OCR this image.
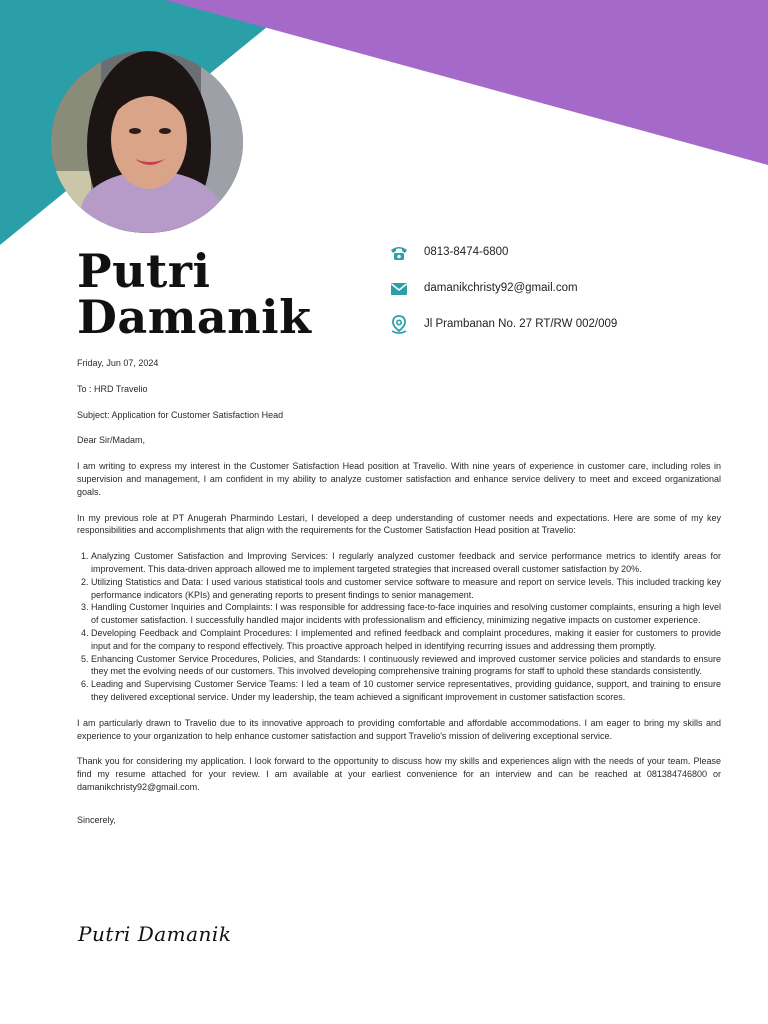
Putri
Damanik
0813-8474-6800
damanikchristy92@gmail.com
Jl Prambanan No. 27 RT/RW 002/009

Friday, Jun 07, 2024

To : HRD Travelio

Subject: Application for Customer Satisfaction Head

Dear Sir/Madam,

I am writing to express my interest in the Customer Satisfaction Head position at Travelio. With nine years of experience in customer care, including roles in supervision and management, I am confident in my ability to analyze customer satisfaction and enhance service delivery to meet and exceed organizational goals.

In my previous role at PT Anugerah Pharmindo Lestari, I developed a deep understanding of customer needs and expectations. Here are some of my key responsibilities and accomplishments that align with the requirements for the Customer Satisfaction Head position at Travelio:

1. Analyzing Customer Satisfaction and Improving Services: I regularly analyzed customer feedback and service performance metrics to identify areas for improvement. This data-driven approach allowed me to implement targeted strategies that increased overall customer satisfaction by 20%.
2. Utilizing Statistics and Data: I used various statistical tools and customer service software to measure and report on service levels. This included tracking key performance indicators (KPIs) and generating reports to present findings to senior management.
3. Handling Customer Inquiries and Complaints: I was responsible for addressing face-to-face inquiries and resolving customer complaints, ensuring a high level of customer satisfaction. I successfully handled major incidents with professionalism and efficiency, minimizing negative impacts on customer experience.
4. Developing Feedback and Complaint Procedures: I implemented and refined feedback and complaint procedures, making it easier for customers to provide input and for the company to respond effectively. This proactive approach helped in identifying recurring issues and addressing them promptly.
5. Enhancing Customer Service Procedures, Policies, and Standards: I continuously reviewed and improved customer service policies and standards to ensure they met the evolving needs of our customers. This involved developing comprehensive training programs for staff to uphold these standards consistently.
6. Leading and Supervising Customer Service Teams: I led a team of 10 customer service representatives, providing guidance, support, and training to ensure they delivered exceptional service. Under my leadership, the team achieved a significant improvement in customer satisfaction scores.

I am particularly drawn to Travelio due to its innovative approach to providing comfortable and affordable accommodations. I am eager to bring my skills and experience to your organization to help enhance customer satisfaction and support Travelio's mission of delivering exceptional service.

Thank you for considering my application. I look forward to the opportunity to discuss how my skills and experiences align with the needs of your team. Please find my resume attached for your review. I am available at your earliest convenience for an interview and can be reached at 081384746800 or damanikchristy92@gmail.com.

Sincerely,

Putri Damanik
